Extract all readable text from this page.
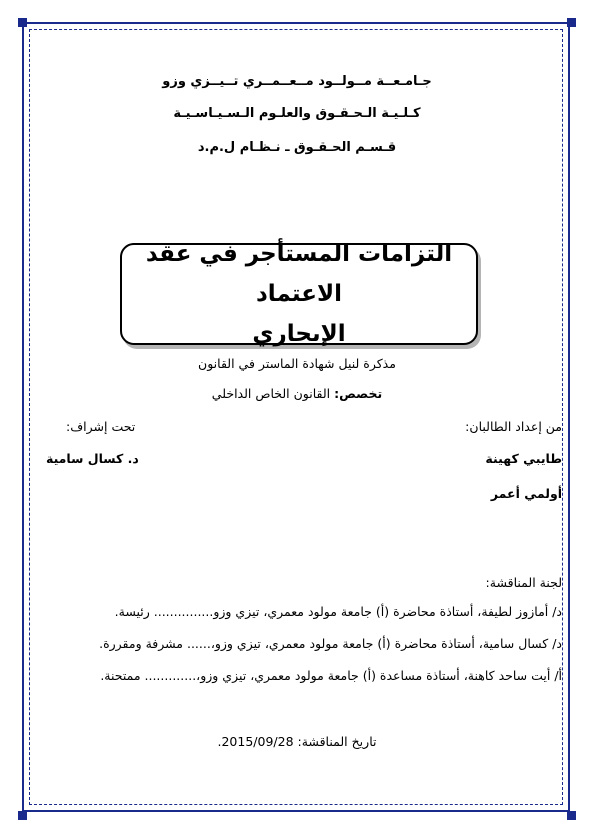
جـامـعــة مــولــود مــعــمــري تــيــزي وزو
كـلـيـة الـحـقـوق والعلـوم الـسـيـاسـيـة
قـسـم الحـقـوق ـ نـظـام ل.م.د
التزامات المستأجر في عقد الاعتماد
الإيجاري
مذكرة لنيل شهادة الماستر في القانون
تخصص: القانون الخاص الداخلي
من إعداد الطالبان:
طايبي كهينة
أولمي أعمر
تحت إشراف:
د. كسال سامية
لجنة المناقشة:
د/ أمازوز لطيفة، أستاذة محاضرة (أ) جامعة مولود معمري، تيزي وزو............... رئيسة.
د/ كسال سامية، أستاذة محاضرة (أ) جامعة مولود معمري، تيزي وزو،...... مشرفة ومقررة.
أ/ أيت ساحد كاهنة، أستاذة مساعدة (أ) جامعة مولود معمري، تيزي وزو،............. ممتحنة.
تاريخ المناقشة: 2015/09/28.
